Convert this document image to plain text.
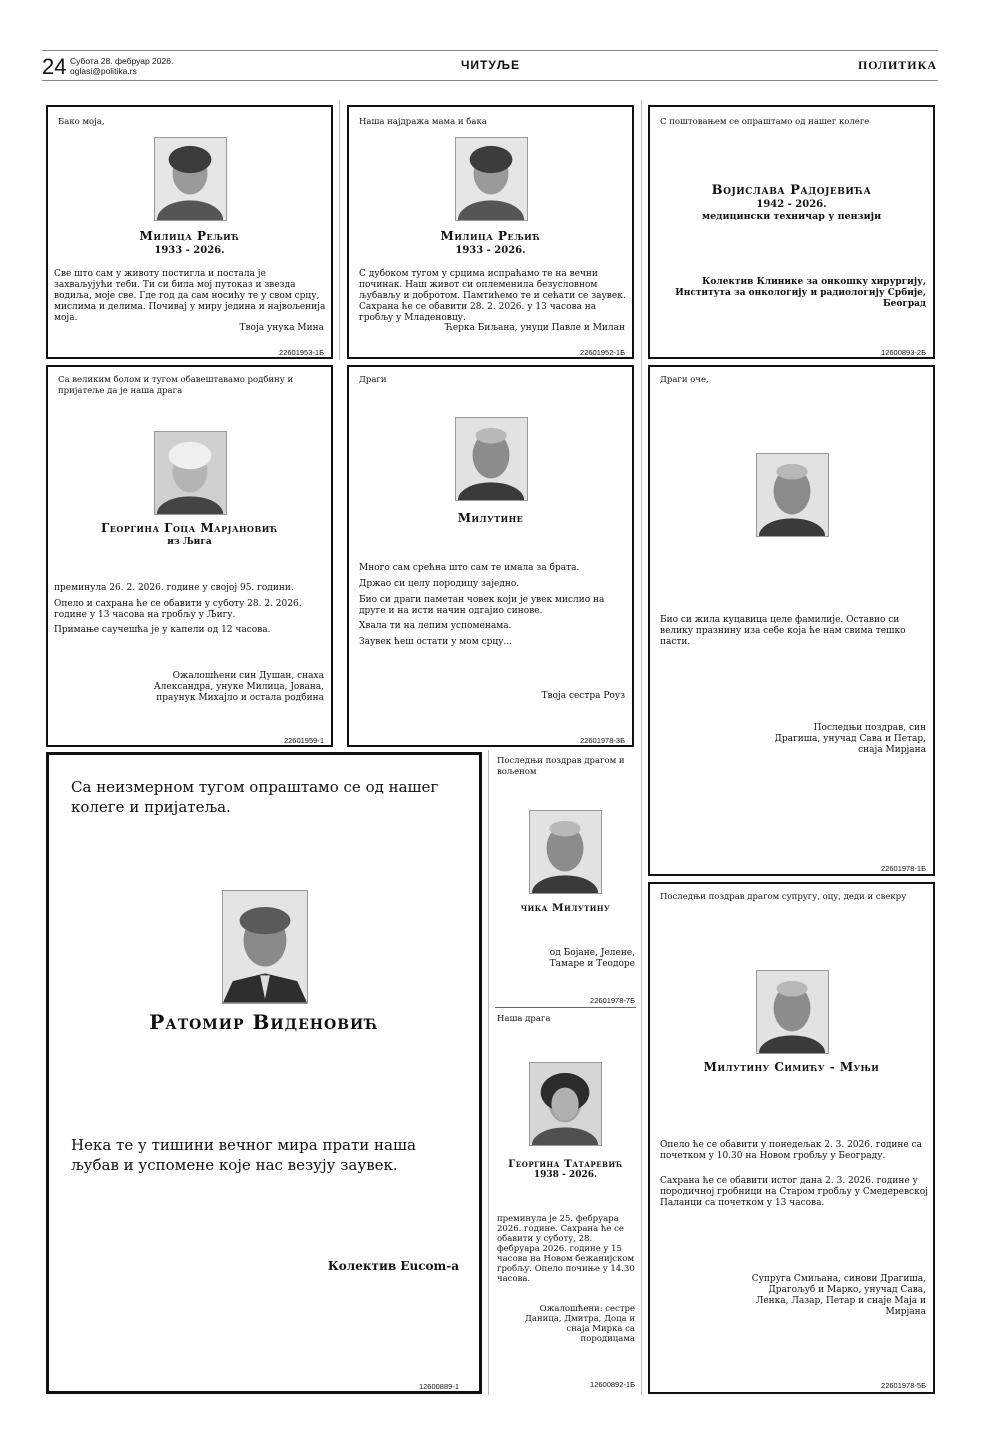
24 Субота 28. фебруар 2026.
oglasi@politika.rs	ЧИТУЉЕ	ПОЛИТИКА
Бако моја,
Милица Рељић
1933 - 2026.
Све што сам у животу постигла и постала је захваљујући теби. Ти си била мој путоказ и звезда водиља, моје све. Где год да сам носићу те у свом срцу, мислима и делима. Почивај у миру једина и највољенија моја.
Твоја унука Мина
22601953-1Б
Наша најдража мама и бака
Милица Рељић
1933 - 2026.
С дубоком тугом у срцима испраћамо те на вечни починак. Наш живот си оплеменила безусловном љубављу и добротом. Памтићемо те и сећати се заувек. Сахрана ће се обавити 28. 2. 2026. у 13 часова на гробљу у Младеновцу.
Ћерка Биљана, унуци Павле и Милан
22601952-1Б
С поштовањем се опраштамо од нашег колеге
Војислава Радојевића
1942 - 2026.
медицински техничар у пензији
Колектив Клинике за онкошку хирургију, Института за онкологију и радиологију Србије, Београд
12600893-2Б
Са великим болом и тугом обавештавамо родбину и пријатеље да је наша драга
Георгина Гоца Марјановић
из Љига
преминула 26. 2. 2026. године у својој 95. години.
Опело и сахрана ће се обавити у суботу 28. 2. 2026. године у 13 часова на гробљу у Љигу.
Примање саучешћа је у капели од 12 часова.
Ожалошћени син Душан, снаха Александра, унуке Милица, Јована, праунук Михајло и остала родбина
22601959-1
Драги
Милутине
Много сам срећна што сам те имала за брата.
Држао си целу породицу заједно.
Био си драги паметан човек који је увек мислио на друге и на исти начин одгајио синове.
Хвала ти на лепим успоменама.
Заувек ћеш остати у мом срцу...
Твоја сестра Роуз
22601978-3Б
Драги оче,
Био си жила куцавица целе фамилије. Оставио си велику празнину иза себе која ће нам свима тешко пасти.
Последњи поздрав, син Драгиша, унучад Сава и Петар, снаја Мирјана
22601978-1Б
Са неизмерном тугом опраштамо се од нашег колеге и пријатеља.
Ратомир Виденовић
Нека те у тишини вечног мира прати наша љубав и успомене које нас везују заувек.
Колектив Eucom-a
12600889-1
Последњи поздрав драгом и вољеном
чика Милутину
од Бојане, Јелене, Тамаре и Теодоре
22601978-7Б
Наша драга
Георгина Татаревић
1938 - 2026.
преминула је 25. фебруара 2026. године. Сахрана ће се обавити у суботу, 28. фебруара 2026. године у 15 часова на Новом бежанијском гробљу. Опело почиње у 14.30 часова.
Ожалошћени: сестре Даница, Дмитра, Доца и снаја Мирка са породицама
12600892-1Б
Последњи поздрав драгом супругу, оцу, деди и свекру
Милутину Симићу - Муњи
Опело ће се обавити у понедељак 2. 3. 2026. године са почетком у 10.30 на Новом гробљу у Београду.
Сахрана ће се обавити истог дана 2. 3. 2026. године у породичној гробници на Старом гробљу у Смедеревској Паланци са почетком у 13 часова.
Супруга Смиљана, синови Драгиша, Драгољуб и Марко, унучад Сава, Ленка, Лазар, Петар и снаје Маја и Мирјана
22601978-5Б
